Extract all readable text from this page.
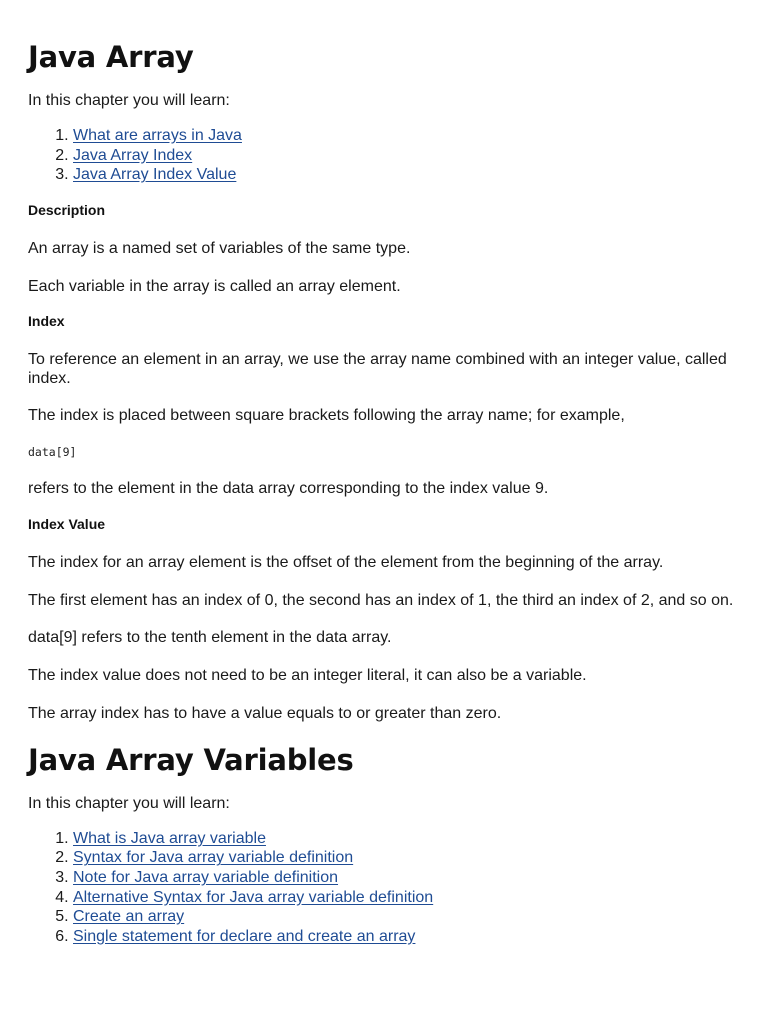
Java Array

In this chapter you will learn:

1. What are arrays in Java
2. Java Array Index
3. Java Array Index Value
Description

An array is a named set of variables of the same type.

Each variable in the array is called an array element.

Index

To reference an element in an array, we use the array name combined with an integer value, called index.

The index is placed between square brackets following the array name; for example,

data[9]

refers to the element in the data array corresponding to the index value 9.

Index Value

The index for an array element is the offset of the element from the beginning of the array.

The first element has an index of 0, the second has an index of 1, the third an index of 2, and so on.

data[9] refers to the tenth element in the data array.

The index value does not need to be an integer literal, it can also be a variable.

The array index has to have a value equals to or greater than zero.

Java Array Variables

In this chapter you will learn:

1. What is Java array variable
2. Syntax for Java array variable definition
3. Note for Java array variable definition
4. Alternative Syntax for Java array variable definition
5. Create an array
6. Single statement for declare and create an array
